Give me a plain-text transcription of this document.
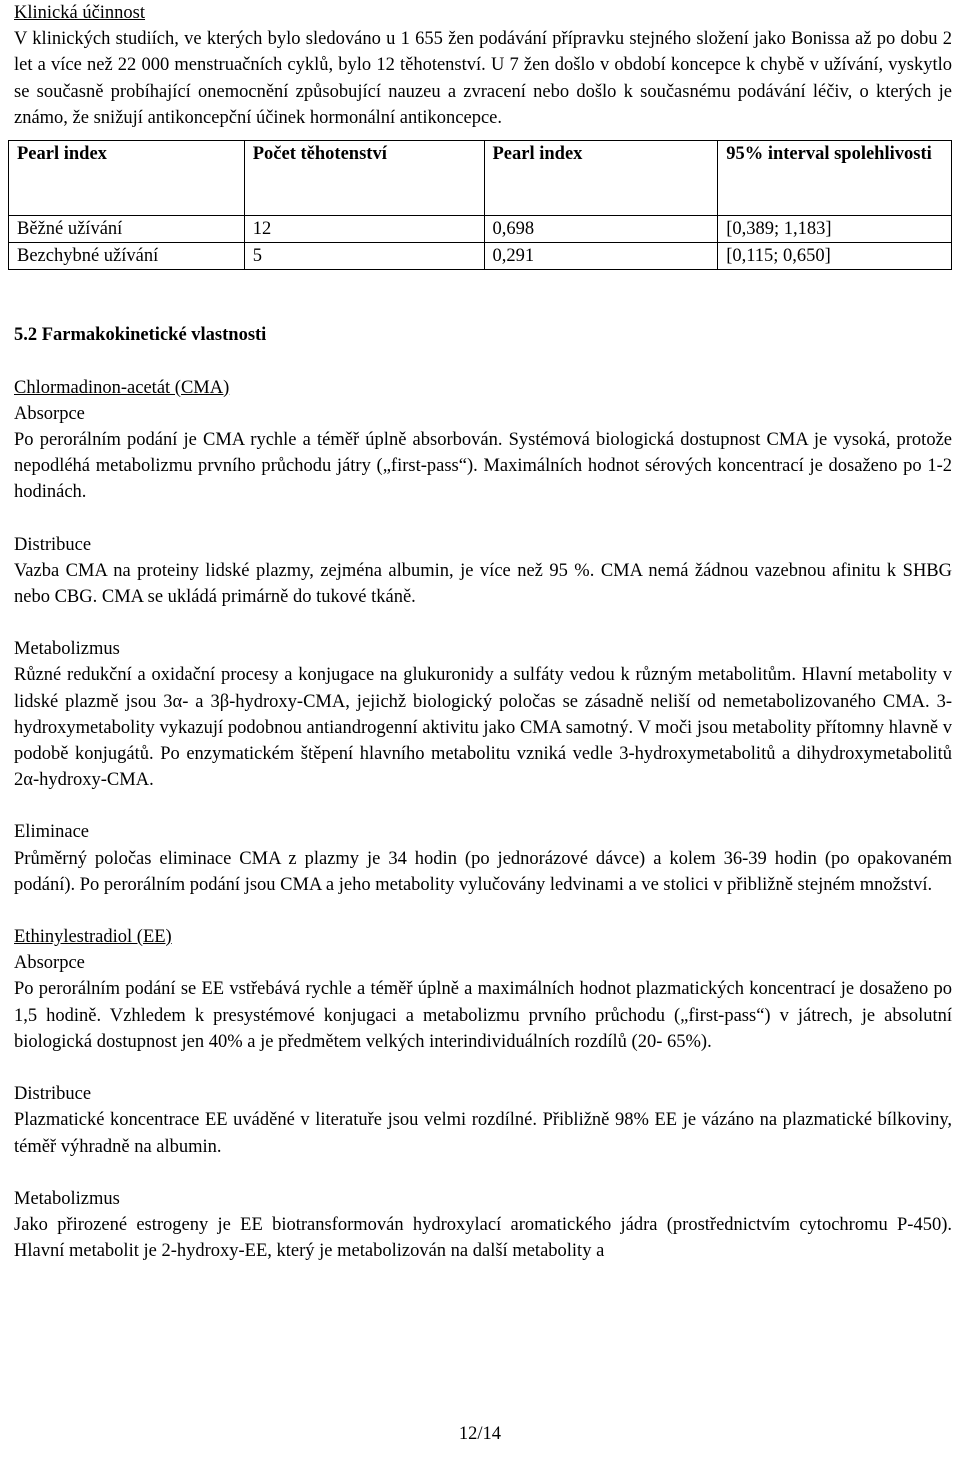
Klinická účinnost

V klinických studiích, ve kterých bylo sledováno u 1 655 žen podávání přípravku stejného složení jako Bonissa až po dobu 2 let a více než 22 000 menstruačních cyklů, bylo 12 těhotenství. U 7 žen došlo v období koncepce k chybě v užívání, vyskytlo se současně probíhající onemocnění způsobující nauzeu a zvracení nebo došlo k současnému podávání léčiv, o kterých je známo, že snižují antikoncepční účinek hormonální antikoncepce.

Pearl index	Počet těhotenství	Pearl index	95% interval spolehlivosti
Běžné užívání	12	0,698	[0,389; 1,183]
Bezchybné užívání	5	0,291	[0,115; 0,650]

5.2 Farmakokinetické vlastnosti

Chlormadinon-acetát (CMA)

Absorpce

Po perorálním podání je CMA rychle a téměř úplně absorbován. Systémová biologická dostupnost CMA je vysoká, protože nepodléhá metabolizmu prvního průchodu játry („first-pass“). Maximálních hodnot sérových koncentrací je dosaženo po 1-2 hodinách.

Distribuce

Vazba CMA na proteiny lidské plazmy, zejména albumin, je více než 95 %. CMA nemá žádnou vazebnou afinitu k SHBG nebo CBG. CMA se ukládá primárně do tukové tkáně.

Metabolizmus

Různé redukční a oxidační procesy a konjugace na glukuronidy a sulfáty vedou k různým metabolitům. Hlavní metabolity v lidské plazmě jsou 3α- a 3β-hydroxy-CMA, jejichž biologický poločas se zásadně neliší od nemetabolizovaného CMA. 3-hydroxymetabolity vykazují podobnou antiandrogenní aktivitu jako CMA samotný. V moči jsou metabolity přítomny hlavně v podobě konjugátů. Po enzymatickém štěpení hlavního metabolitu vzniká vedle 3-hydroxymetabolitů a dihydroxymetabolitů 2α-hydroxy-CMA.

Eliminace

Průměrný poločas eliminace CMA z plazmy je 34 hodin (po jednorázové dávce) a kolem 36-39 hodin (po opakovaném podání). Po perorálním podání jsou CMA a jeho metabolity vylučovány ledvinami a ve stolici v přibližně stejném množství.

Ethinylestradiol (EE)

Absorpce

Po perorálním podání se EE vstřebává rychle a téměř úplně a maximálních hodnot plazmatických koncentrací je dosaženo po 1,5 hodině. Vzhledem k presystémové konjugaci a metabolizmu prvního průchodu („first-pass“) v játrech, je absolutní biologická dostupnost jen 40% a je předmětem velkých interindividuálních rozdílů (20- 65%).

Distribuce

Plazmatické koncentrace EE uváděné v literatuře jsou velmi rozdílné. Přibližně 98% EE je vázáno na plazmatické bílkoviny, téměř výhradně na albumin.

Metabolizmus

Jako přirozené estrogeny je EE biotransformován hydroxylací aromatického jádra (prostřednictvím cytochromu P-450). Hlavní metabolit je 2-hydroxy-EE, který je metabolizován na další metabolity a

12/14
